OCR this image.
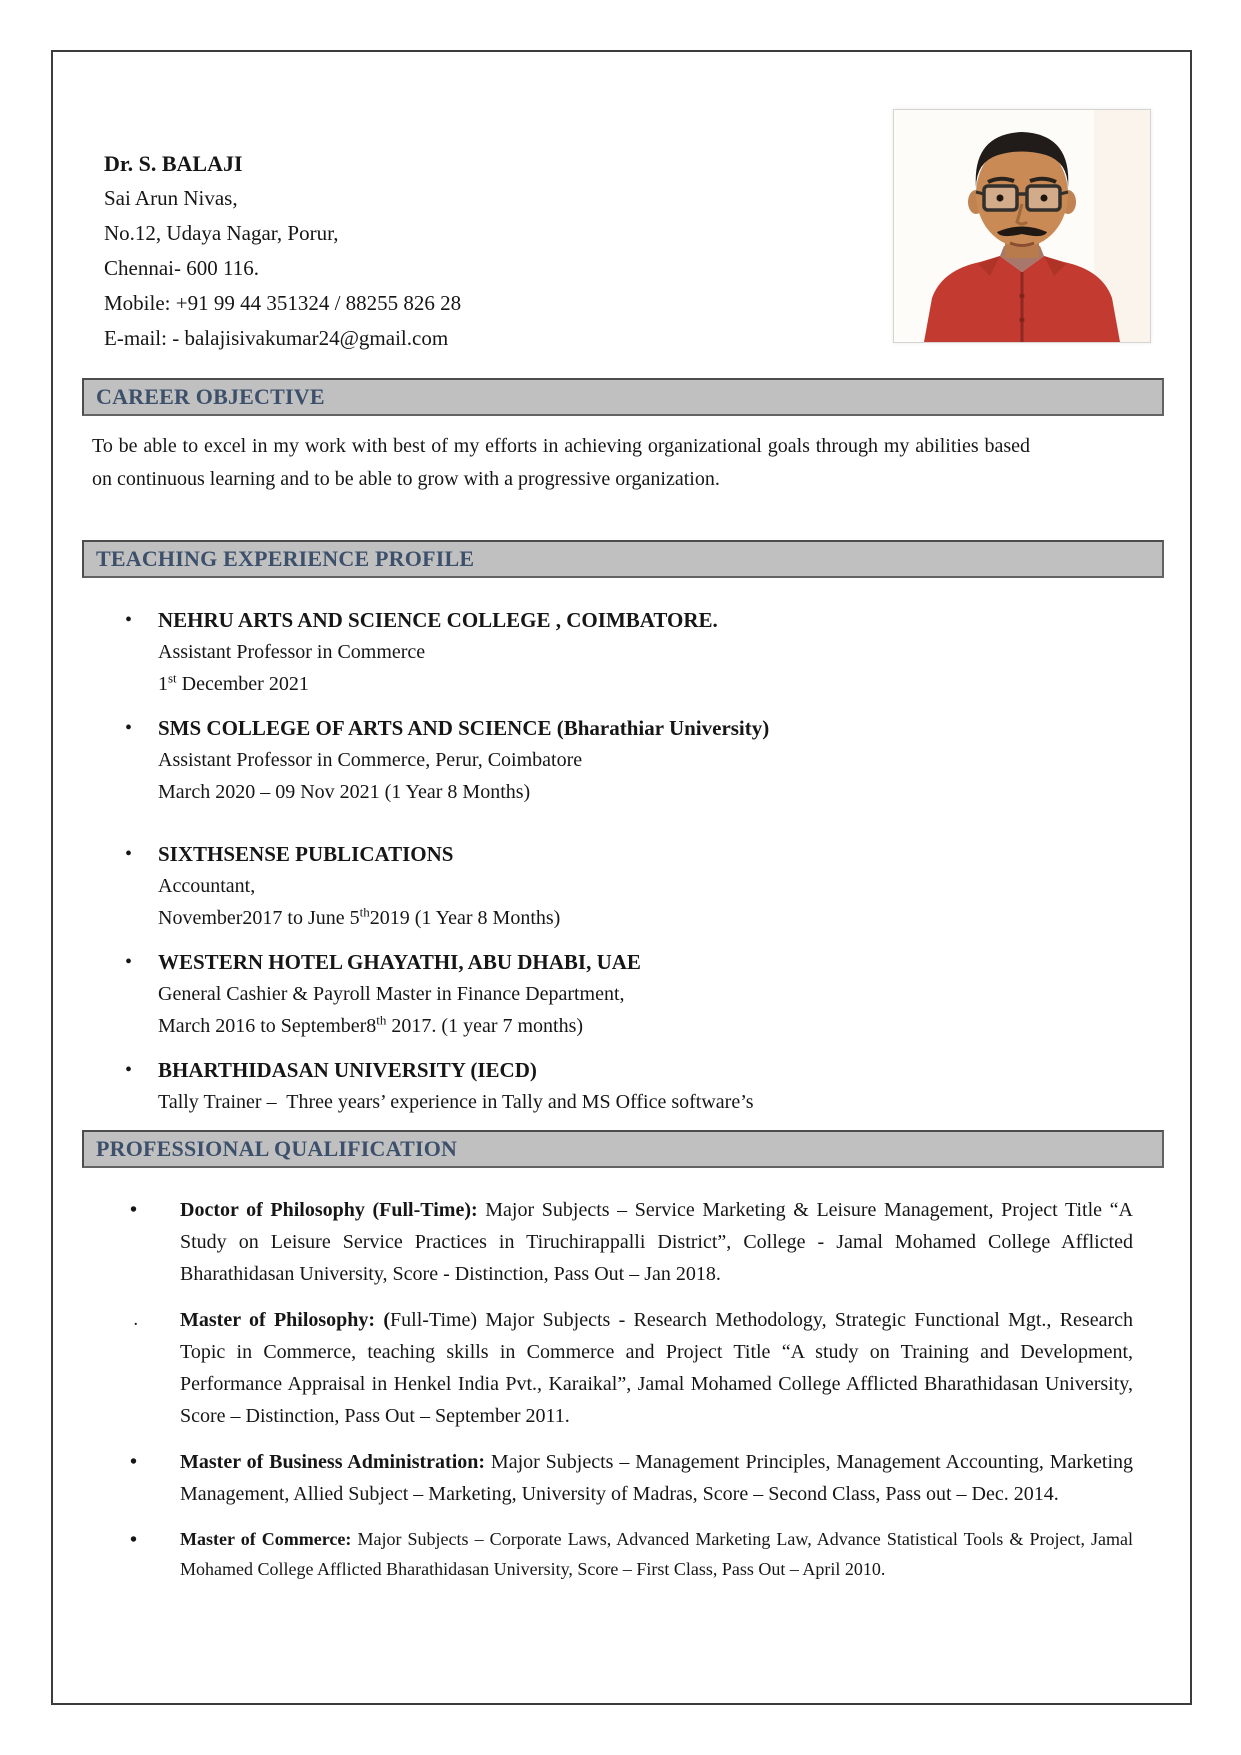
Dr. S. BALAJI
Sai Arun Nivas,
No.12, Udaya Nagar, Porur,
Chennai- 600 116.
Mobile: +91 99 44 351324 / 88255 826 28
E-mail: - balajisivakumar24@gmail.com
CAREER OBJECTIVE

To be able to excel in my work with best of my efforts in achieving organizational goals through my abilities based on continuous learning and to be able to grow with a progressive organization.

TEACHING EXPERIENCE PROFILE
• NEHRU ARTS AND SCIENCE COLLEGE , COIMBATORE.
Assistant Professor in Commerce
1st December 2021
• SMS COLLEGE OF ARTS AND SCIENCE (Bharathiar University)
Assistant Professor in Commerce, Perur, Coimbatore
March 2020 – 09 Nov 2021 (1 Year 8 Months)
• SIXTHSENSE PUBLICATIONS
Accountant,
November2017 to June 5th2019 (1 Year 8 Months)
• WESTERN HOTEL GHAYATHI, ABU DHABI, UAE
General Cashier & Payroll Master in Finance Department,
March 2016 to September8th 2017. (1 year 7 months)
• BHARTHIDASAN UNIVERSITY (IECD)
Tally Trainer –  Three years’ experience in Tally and MS Office software’s
PROFESSIONAL QUALIFICATION
• Doctor of Philosophy (Full-Time): Major Subjects – Service Marketing & Leisure Management, Project Title “A Study on Leisure Service Practices in Tiruchirappalli District”, College - Jamal Mohamed College Afflicted Bharathidasan University, Score - Distinction, Pass Out – Jan 2018.
. Master of Philosophy: (Full-Time) Major Subjects - Research Methodology, Strategic Functional Mgt., Research Topic in Commerce, teaching skills in Commerce and Project Title “A study on Training and Development, Performance Appraisal in Henkel India Pvt., Karaikal”, Jamal Mohamed College Afflicted Bharathidasan University, Score – Distinction, Pass Out – September 2011.
• Master of Business Administration: Major Subjects – Management Principles, Management Accounting, Marketing Management, Allied Subject – Marketing, University of Madras, Score – Second Class, Pass out – Dec. 2014.
• Master of Commerce: Major Subjects – Corporate Laws, Advanced Marketing Law, Advance Statistical Tools & Project, Jamal Mohamed College Afflicted Bharathidasan University, Score – First Class, Pass Out – April 2010.
